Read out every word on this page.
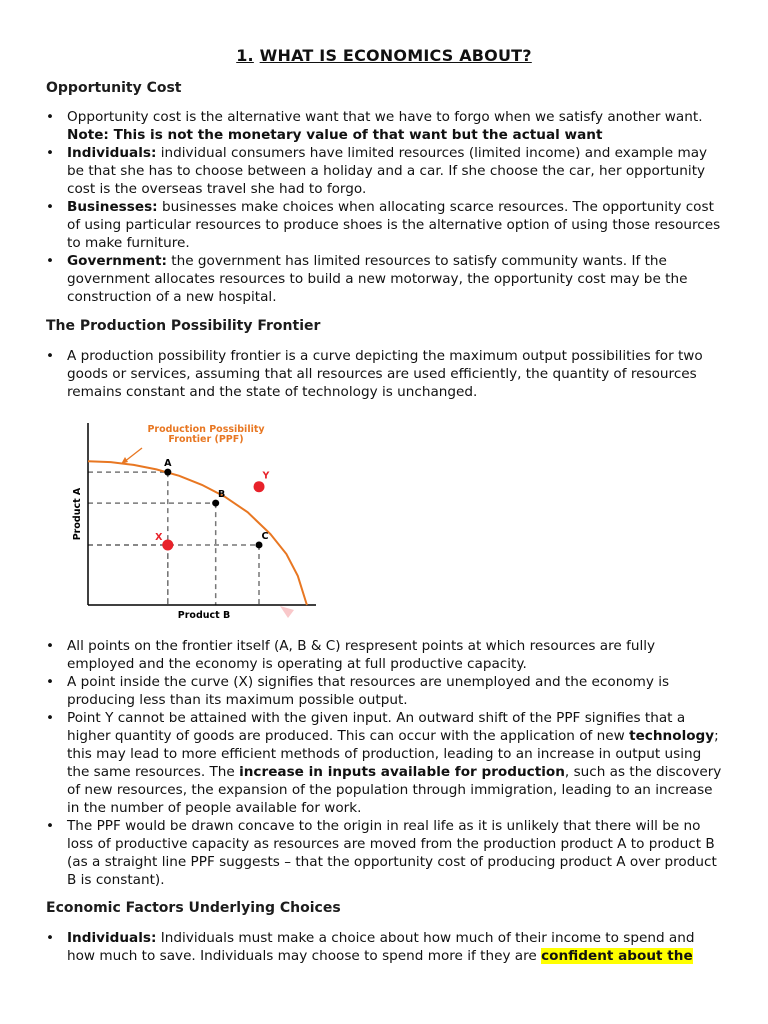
1. WHAT IS ECONOMICS ABOUT?
Opportunity Cost
• Opportunity cost is the alternative want that we have to forgo when we satisfy another want.
Note: This is not the monetary value of that want but the actual want
• Individuals: individual consumers have limited resources (limited income) and example may be that she has to choose between a holiday and a car. If she choose the car, her opportunity cost is the overseas travel she had to forgo.
• Businesses: businesses make choices when allocating scarce resources. The opportunity cost of using particular resources to produce shoes is the alternative option of using those resources to make furniture.
• Government: the government has limited resources to satisfy community wants. If the government allocates resources to build a new motorway, the opportunity cost may be the construction of a new hospital.
The Production Possibility Frontier
• A production possibility frontier is a curve depicting the maximum output possibilities for two goods or services, assuming that all resources are used efficiently, the quantity of resources remains constant and the state of technology is unchanged.
Production Possibility
Frontier (PPF)
Product B
Product A
A
B
C
X
Y
• All points on the frontier itself (A, B & C) respresent points at which resources are fully employed and the economy is operating at full productive capacity.
• A point inside the curve (X) signifies that resources are unemployed and the economy is producing less than its maximum possible output.
• Point Y cannot be attained with the given input. An outward shift of the PPF signifies that a higher quantity of goods are produced. This can occur with the application of new technology; this may lead to more efficient methods of production, leading to an increase in output using the same resources. The increase in inputs available for production, such as the discovery of new resources, the expansion of the population through immigration, leading to an increase in the number of people available for work.
• The PPF would be drawn concave to the origin in real life as it is unlikely that there will be no loss of productive capacity as resources are moved from the production product A to product B (as a straight line PPF suggests – that the opportunity cost of producing product A over product B is constant).
Economic Factors Underlying Choices
• Individuals: Individuals must make a choice about how much of their income to spend and how much to save. Individuals may choose to spend more if they are confident about the
